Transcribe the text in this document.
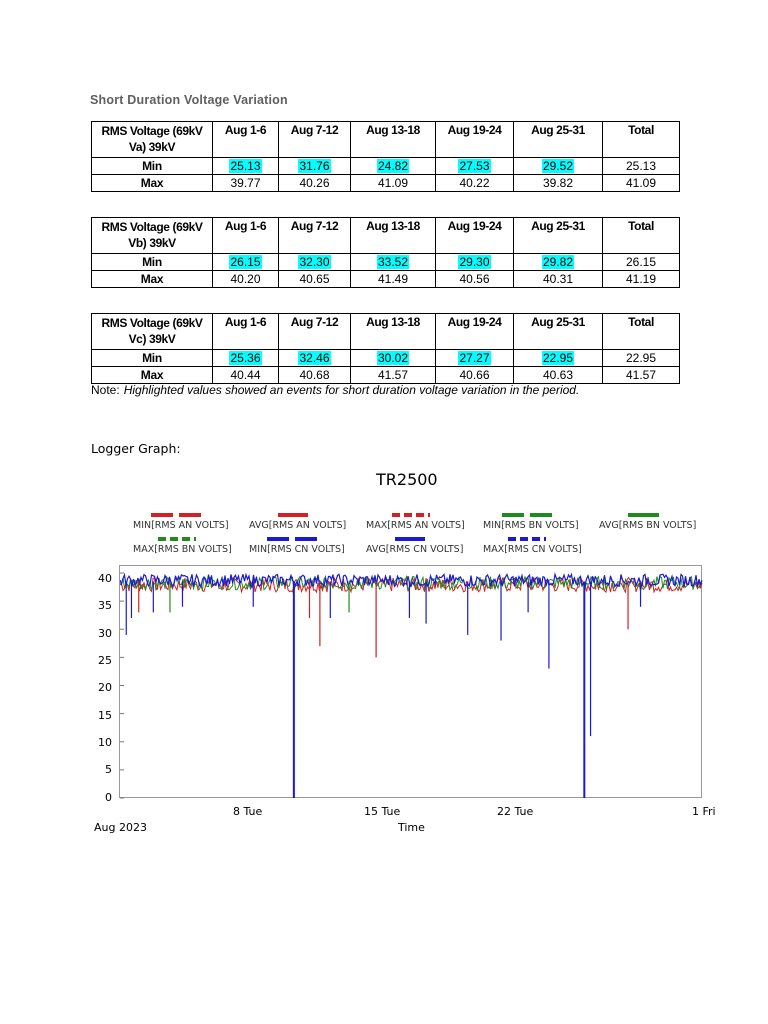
Short Duration Voltage Variation
RMS Voltage (69kV
Va) 39kV	Aug 1-6	Aug 7-12	Aug 13-18	Aug 19-24	Aug 25-31	Total
Min	25.13	31.76	24.82	27.53	29.52	25.13
Max	39.77	40.26	41.09	40.22	39.82	41.09
RMS Voltage (69kV
Vb) 39kV	Aug 1-6	Aug 7-12	Aug 13-18	Aug 19-24	Aug 25-31	Total
Min	26.15	32.30	33.52	29.30	29.82	26.15
Max	40.20	40.65	41.49	40.56	40.31	41.19
RMS Voltage (69kV
Vc) 39kV	Aug 1-6	Aug 7-12	Aug 13-18	Aug 19-24	Aug 25-31	Total
Min	25.36	32.46	30.02	27.27	22.95	22.95
Max	40.44	40.68	41.57	40.66	40.63	41.57
Note: Highlighted values showed an events for short duration voltage variation in the period.
Logger Graph:
TR2500
MIN[RMS AN VOLTS] AVG[RMS AN VOLTS] MAX[RMS AN VOLTS] MIN[RMS BN VOLTS] AVG[RMS BN VOLTS]
MAX[RMS BN VOLTS] MIN[RMS CN VOLTS] AVG[RMS CN VOLTS] MAX[RMS CN VOLTS]
40
35
30
25
20
15
10
5
0
8 Tue	15 Tue	22 Tue	1 Fri
Aug 2023	Time
